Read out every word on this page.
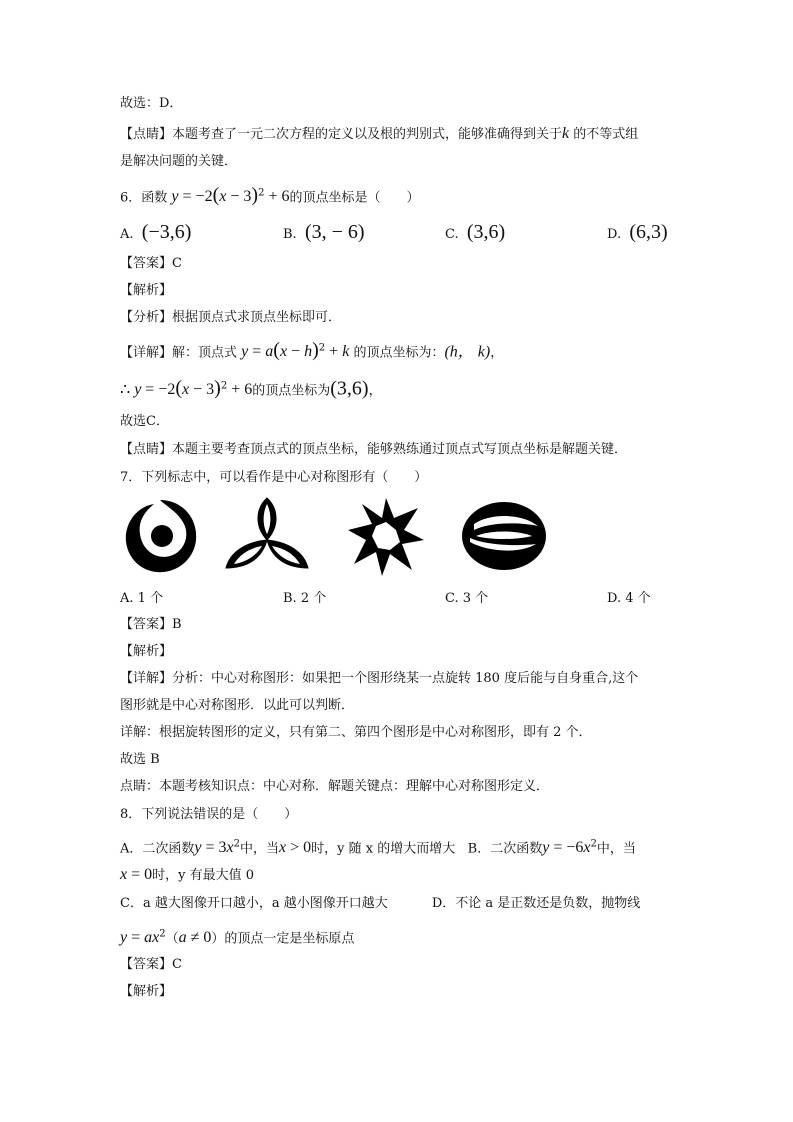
故选：D．
【点睛】本题考查了一元二次方程的定义以及根的判别式，能够准确得到关于k 的不等式组
是解决问题的关键．
6．函数 $y = -2(x - 3)^2 + 6$的顶点坐标是（　　）
A. (−3,6)	B. (3, − 6)	C. (3,6)	D. (6,3)
【答案】C
【解析】
【分析】根据顶点式求顶点坐标即可．
【详解】解：顶点式 $y = a(x - h)^2 + k$ 的顶点坐标为：(h， k)，
∴ $y = -2(x - 3)^2 + 6$的顶点坐标为(3,6)，
故选C．
【点睛】本题主要考查顶点式的顶点坐标，能够熟练通过顶点式写顶点坐标是解题关键．
7．下列标志中，可以看作是中心对称图形有（　　）
A. 1 个	B. 2 个	C. 3 个	D. 4 个
【答案】B
【解析】
【详解】分析：中心对称图形：如果把一个图形绕某一点旋转 180 度后能与自身重合,这个
图形就是中心对称图形．以此可以判断．
详解：根据旋转图形的定义，只有第二、第四个图形是中心对称图形，即有 2 个．
故选 B
点睛：本题考核知识点：中心对称．解题关键点：理解中心对称图形定义．
8．下列说法错误的是（　　）
A．二次函数$y = 3x^2$中，当x > 0时，y 随 x 的增大而增大 B．二次函数$y = -6x^2$中，当
x = 0时，y 有最大值 0
C．a 越大图像开口越小，a 越小图像开口越大	D．不论 a 是正数还是负数，抛物线
$y = ax^2(a \ne 0)$的顶点一定是坐标原点
【答案】C
【解析】
